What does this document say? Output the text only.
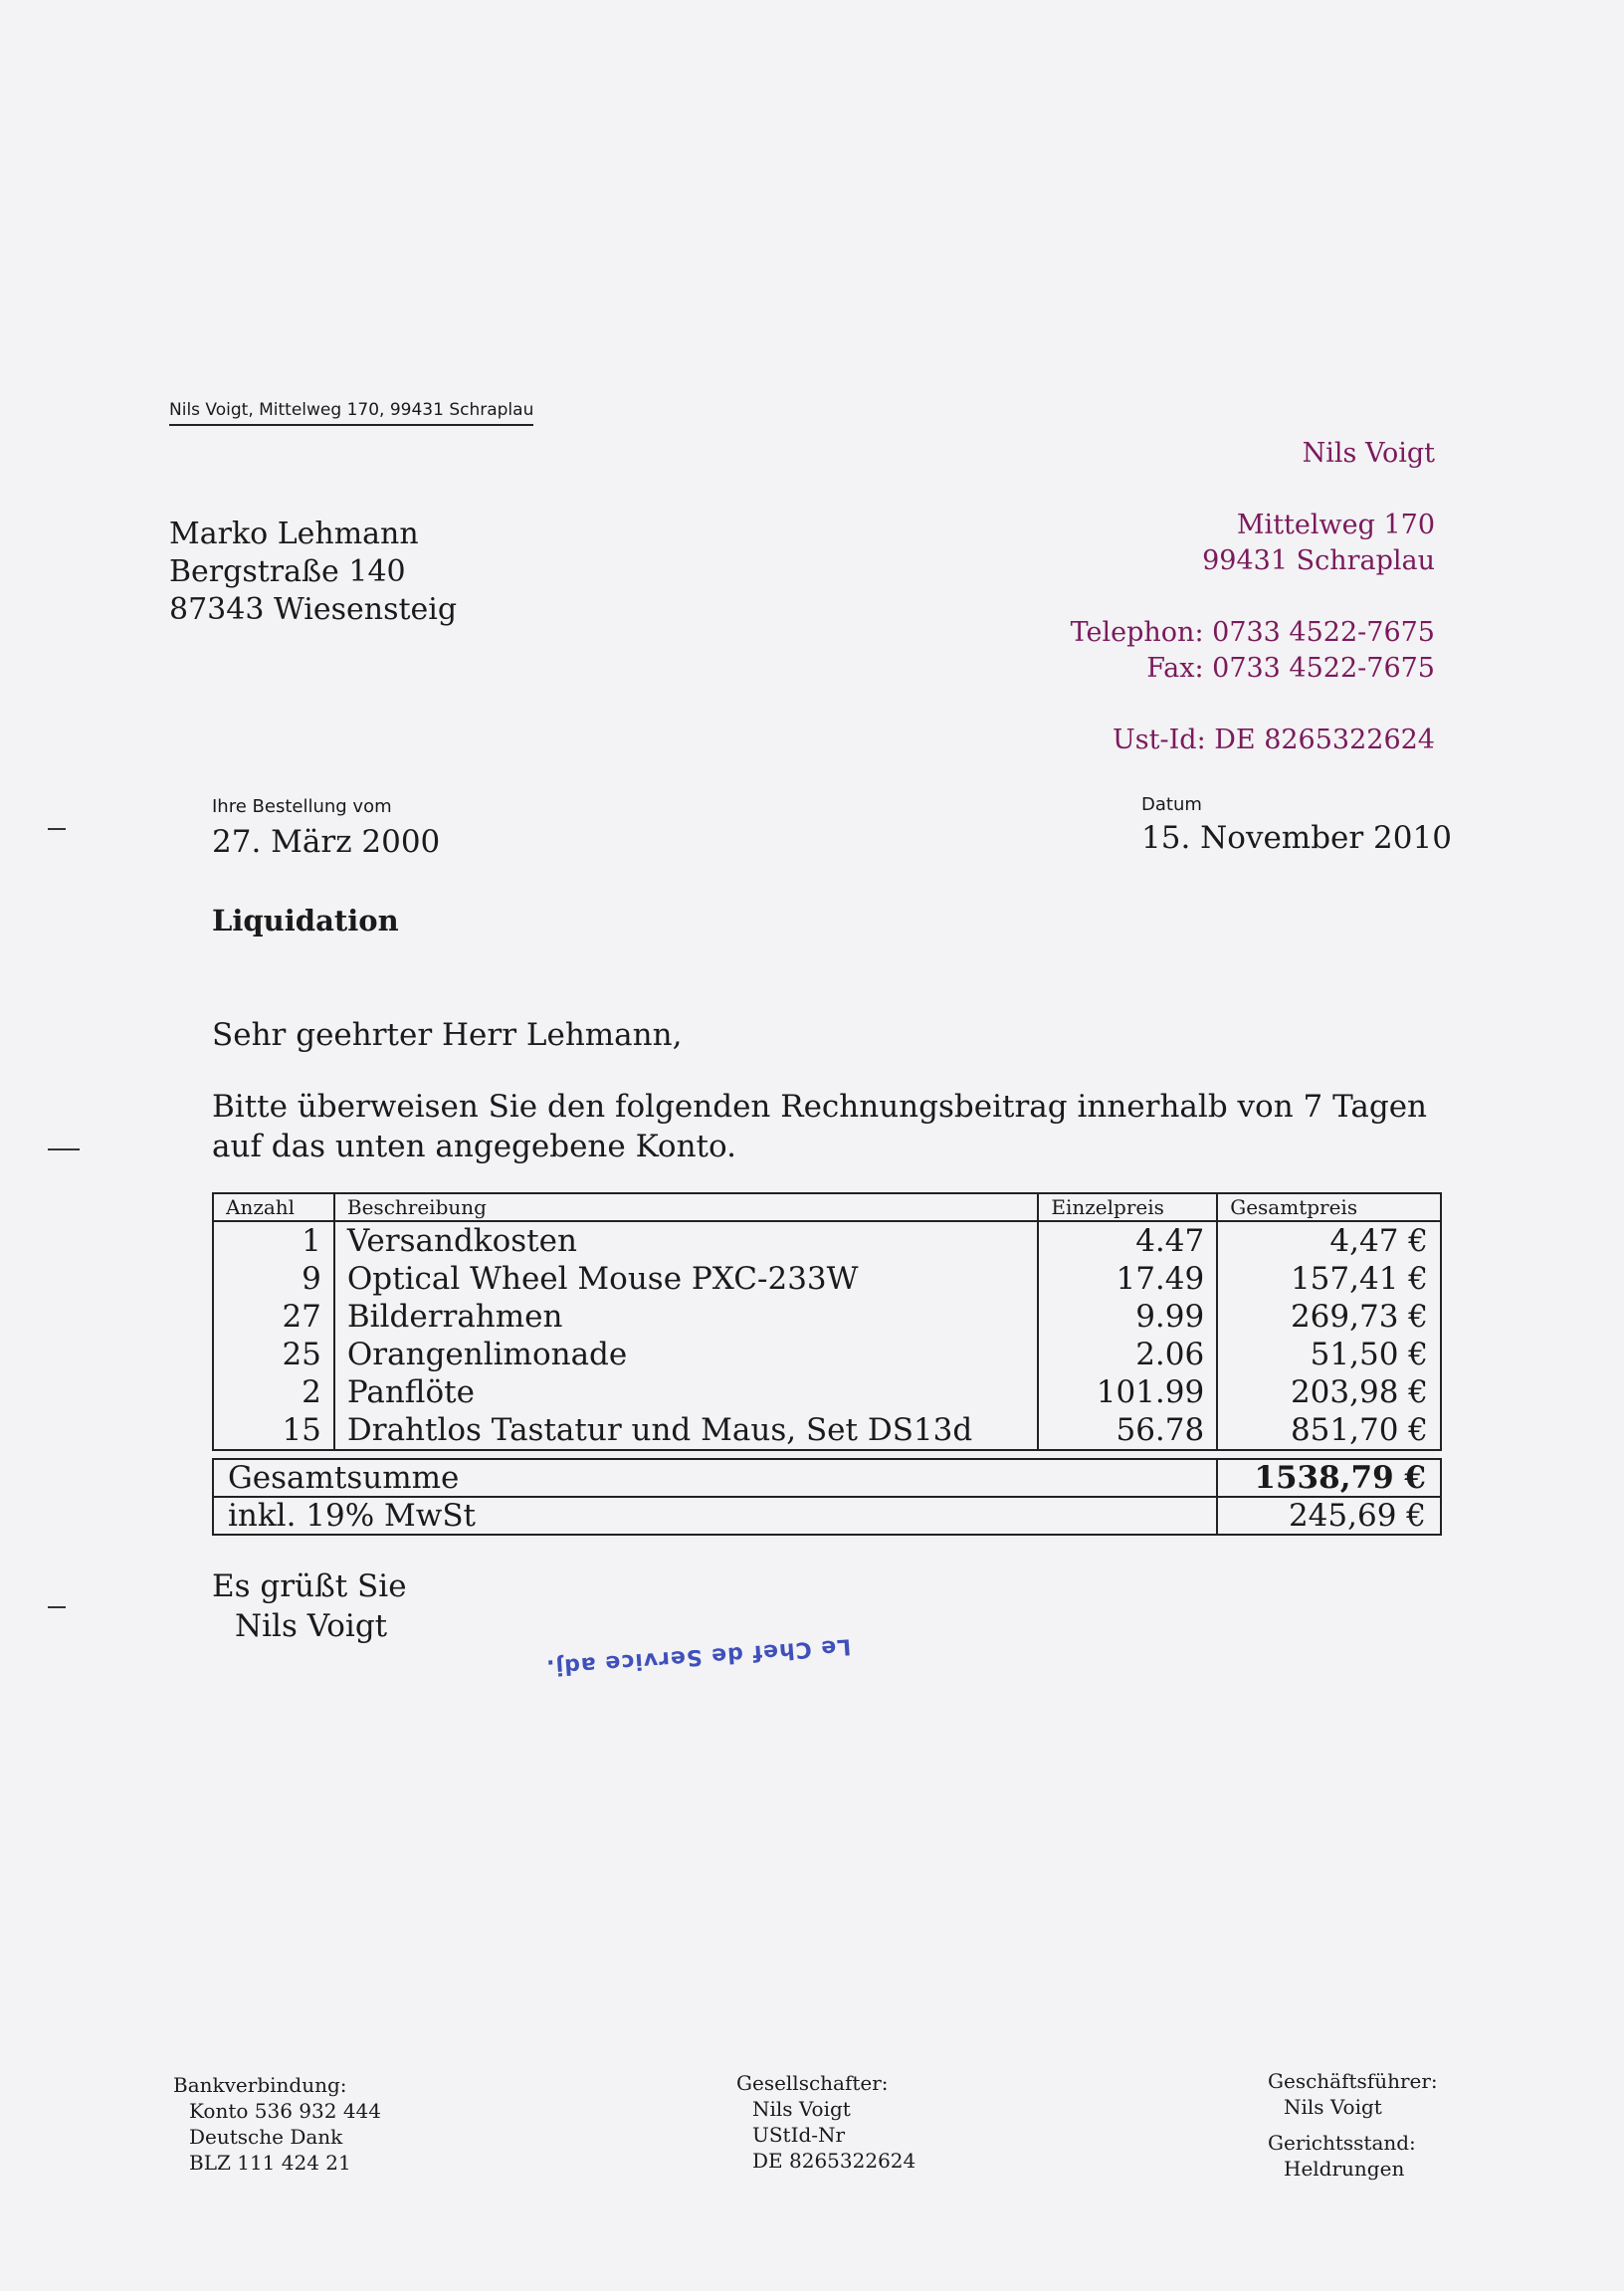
Nils Voigt, Mittelweg 170, 99431 Schraplau
Nils Voigt
Mittelweg 170
99431 Schraplau
Telephon: 0733 4522-7675
Fax: 0733 4522-7675
Ust-Id: DE 8265322624
Marko Lehmann
Bergstraße 140
87343 Wiesensteig
Ihre Bestellung vom
27. März 2000
Datum
15. November 2010
Liquidation
Sehr geehrter Herr Lehmann,
Bitte überweisen Sie den folgenden Rechnungsbeitrag innerhalb von 7 Tagen
auf das unten angegebene Konto.
Anzahl	Beschreibung	Einzelpreis	Gesamtpreis
1	Versandkosten	4.47	4,47 €
9	Optical Wheel Mouse PXC-233W	17.49	157,41 €
27	Bilderrahmen	9.99	269,73 €
25	Orangenlimonade	2.06	51,50 €
2	Panflöte	101.99	203,98 €
15	Drahtlos Tastatur und Maus, Set DS13d	56.78	851,70 €
Gesamtsumme	1538,79 €
inkl. 19% MwSt	245,69 €
Es grüßt Sie
Nils Voigt
Le Chef de Service adj.
Bankverbindung:
Konto 536 932 444
Deutsche Dank
BLZ 111 424 21
Gesellschafter:
Nils Voigt
UStId-Nr
DE 8265322624
Geschäftsführer:
Nils Voigt
Gerichtsstand:
Heldrungen
